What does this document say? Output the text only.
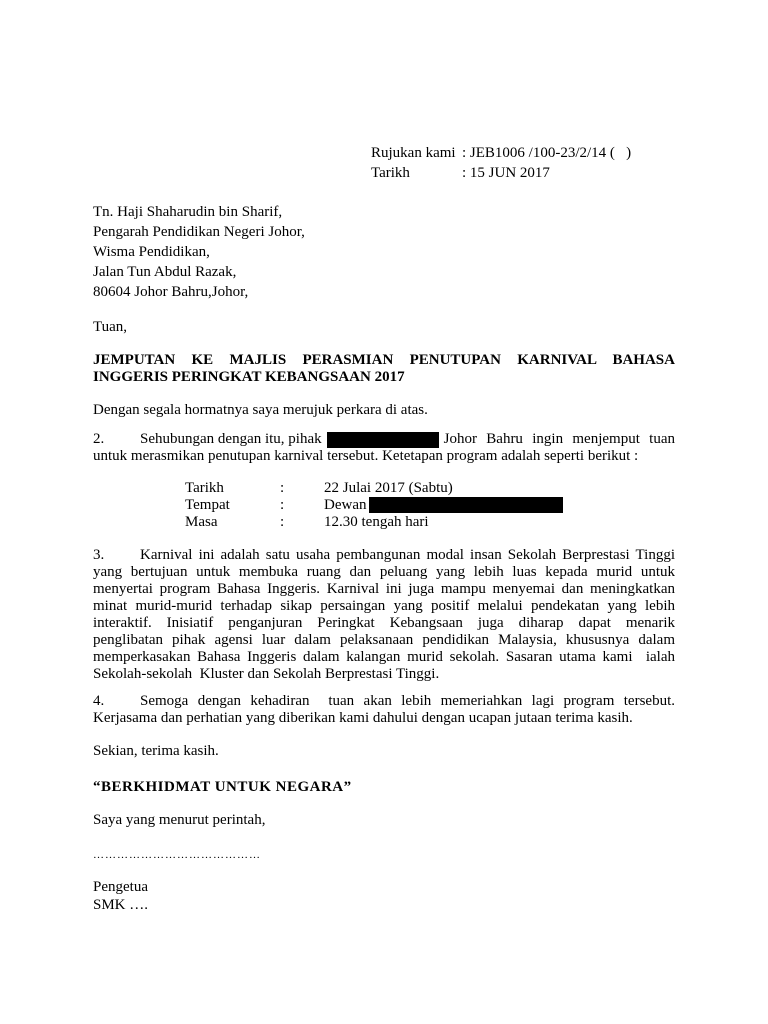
Rujukan kami : JEB1006 /100-23/2/14 (   )
Tarikh	: 15 JUN 2017
Tn. Haji Shaharudin bin Sharif,
Pengarah Pendidikan Negeri Johor,
Wisma Pendidikan,
Jalan Tun Abdul Razak,
80604 Johor Bahru,Johor,
Tuan,
JEMPUTAN KE MAJLIS PERASMIAN PENUTUPAN KARNIVAL BAHASA
INGGERIS PERINGKAT KEBANGSAAN 2017
Dengan segala hormatnya saya merujuk perkara di atas.
2.	Sehubungan dengan itu, pihak	Johor Bahru ingin menjemput tuan
untuk merasmikan penutupan karnival tersebut. Ketetapan program adalah seperti berikut :
Tarikh	:	22 Julai 2017 (Sabtu)
Tempat	:	Dewan
Masa	:	12.30 tengah hari
3.	Karnival ini adalah satu usaha pembangunan modal insan Sekolah Berprestasi Tinggi
yang bertujuan untuk membuka ruang dan peluang yang lebih luas kepada murid untuk
menyertai program Bahasa Inggeris. Karnival ini juga mampu menyemai dan meningkatkan
minat murid-murid terhadap sikap persaingan yang positif melalui pendekatan yang lebih
interaktif. Inisiatif penganjuran Peringkat Kebangsaan juga diharap dapat menarik
penglibatan pihak agensi luar dalam pelaksanaan pendidikan Malaysia, khususnya dalam
memperkasakan Bahasa Inggeris dalam kalangan murid sekolah. Sasaran utama kami  ialah
Sekolah-sekolah  Kluster dan Sekolah Berprestasi Tinggi.
4.	Semoga dengan kehadiran  tuan akan lebih memeriahkan lagi program tersebut.
Kerjasama dan perhatian yang diberikan kami dahului dengan ucapan jutaan terima kasih.
Sekian, terima kasih.
“BERKHIDMAT UNTUK NEGARA”
Saya yang menurut perintah,
……………………………………
Pengetua
SMK ….
